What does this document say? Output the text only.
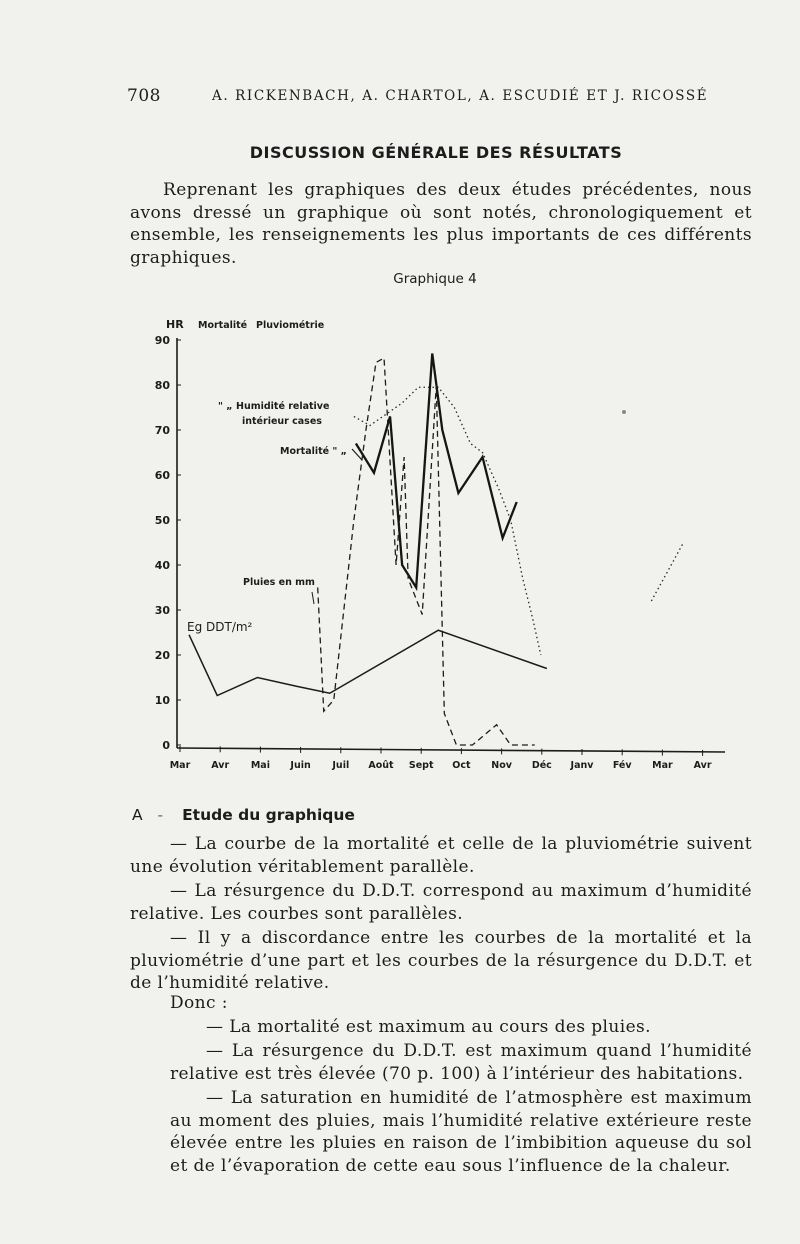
708	A. RICKENBACH, A. CHARTOL, A. ESCUDIÉ ET J. RICOSSÉ
DISCUSSION GÉNÉRALE DES RÉSULTATS

Reprenant les graphiques des deux études précédentes, nous avons dressé un graphique où sont notés, chronologiquement et ensemble, les renseignements les plus importants de ces différents graphiques.

Graphique 4
0
10
20
30
40
50
60
70
80
90
Mar Avr Mai Juin Juil Août Sept Oct Nov Déc Janv Fév Mar Avr
HR Mortalité Pluviométrie
" „ Humidité relative
intérieur cases
Mortalité " „
Pluies en mm
Eg DDT/m²
A - Etude du graphique

— La courbe de la mortalité et celle de la pluviométrie suivent une évolution véritablement parallèle.

— La résurgence du D.D.T. correspond au maximum d’humidité relative. Les courbes sont parallèles.

— Il y a discordance entre les courbes de la mortalité et la pluviométrie d’une part et les courbes de la résurgence du D.D.T. et de l’humidité relative.

Donc :

— La mortalité est maximum au cours des pluies.

— La résurgence du D.D.T. est maximum quand l’humidité relative est très élevée (70 p. 100) à l’intérieur des habitations.

— La saturation en humidité de l’atmosphère est maximum au moment des pluies, mais l’humidité relative extérieure reste élevée entre les pluies en raison de l’imbibition aqueuse du sol et de l’évaporation de cette eau sous l’influence de la chaleur.
